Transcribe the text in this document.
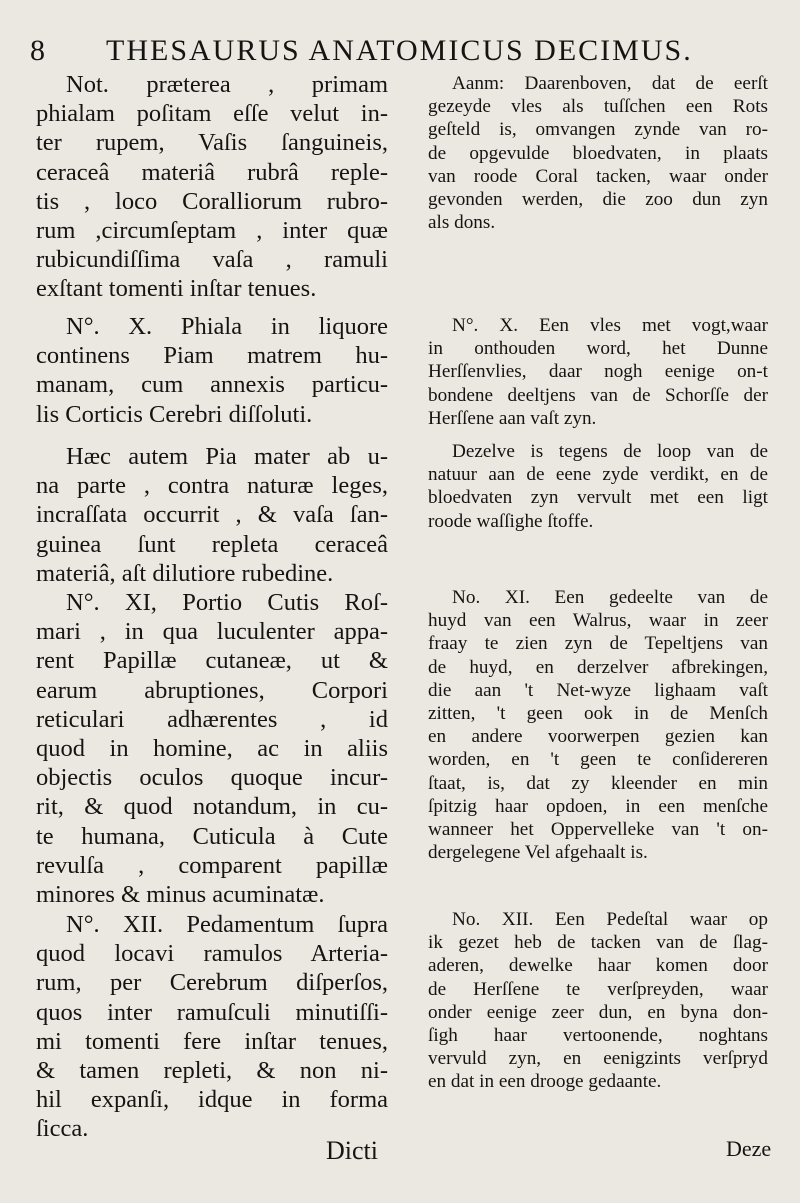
8 THESAURUS ANATOMICUS DECIMUS.
Not. præterea , primam
phialam poſitam eſſe velut in-
ter rupem, Vaſis ſanguineis,
ceraceâ materiâ rubrâ reple-
tis , loco Coralliorum rubro-
rum ,circumſeptam , inter quæ
rubicundiſſima vaſa , ramuli
exſtant tomenti inſtar tenues.
N°. X. Phiala in liquore
continens Piam matrem hu-
manam, cum annexis particu-
lis Corticis Cerebri diſſoluti.
Hæc autem Pia mater ab u-
na parte , contra naturæ leges,
incraſſata occurrit , & vaſa ſan-
guinea ſunt repleta ceraceâ
materiâ, aſt dilutiore rubedine.
N°. XI, Portio Cutis Roſ-
mari , in qua luculenter appa-
rent Papillæ cutaneæ, ut &
earum abruptiones, Corpori
reticulari adhærentes , id
quod in homine, ac in aliis
objectis oculos quoque incur-
rit, & quod notandum, in cu-
te humana, Cuticula à Cute
revulſa , comparent papillæ
minores & minus acuminatæ.
N°. XII. Pedamentum ſupra
quod locavi ramulos Arteria-
rum, per Cerebrum diſperſos,
quos inter ramuſculi minutiſſi-
mi tomenti fere inſtar tenues,
& tamen repleti, & non ni-
hil expanſi, idque in forma
ſicca.
Aanm: Daarenboven, dat de eerſt
gezeyde vles als tuſſchen een Rots
geſteld is, omvangen zynde van ro-
de opgevulde bloedvaten, in plaats
van roode Coral tacken, waar onder
gevonden werden, die zoo dun zyn
als dons.
N°. X. Een vles met vogt,waar
in onthouden word, het Dunne
Herſſenvlies, daar nogh eenige on-t
bondene deeltjens van de Schorſſe der
Herſſene aan vaſt zyn.
Dezelve is tegens de loop van de
natuur aan de eene zyde verdikt, en de
bloedvaten zyn vervult met een ligt
roode waſſighe ſtoffe.
No. XI. Een gedeelte van de
huyd van een Walrus, waar in zeer
fraay te zien zyn de Tepeltjens van
de huyd, en derzelver afbrekingen,
die aan 't Net-wyze lighaam vaſt
zitten, 't geen ook in de Menſch
en andere voorwerpen gezien kan
worden, en 't geen te conſidereren
ſtaat, is, dat zy kleender en min
ſpitzig haar opdoen, in een menſche
wanneer het Oppervelleke van 't on-
dergelegene Vel afgehaalt is.
No. XII. Een Pedeſtal waar op
ik gezet heb de tacken van de ſlag-
aderen, dewelke haar komen door
de Herſſene te verſpreyden, waar
onder eenige zeer dun, en byna don-
ſigh haar vertoonende, noghtans
vervuld zyn, en eenigzints verſpryd
en dat in een drooge gedaante.
Dicti	Deze
